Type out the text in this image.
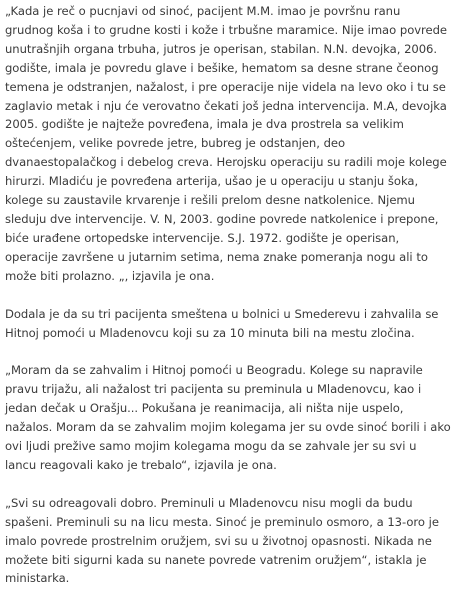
„Kada je reč o pucnjavi od sinoć, pacijent M.M. imao je površnu ranu grudnog koša i to grudne kosti i kože i trbušne maramice. Nije imao povrede unutrašnjih organa trbuha, jutros je operisan, stabilan. N.N. devojka, 2006. godište, imala je povredu glave i bešike, hematom sa desne strane čeonog temena je odstranjen, nažalost, i pre operacije nije videla na levo oko i tu se zaglavio metak i nju će verovatno čekati još jedna intervencija. M.A, devojka 2005. godište je najteže povređena, imala je dva prostrela sa velikim oštećenjem, velike povrede jetre, bubreg je odstanjen, deo dvanaestopalačkog i debelog creva. Herojsku operaciju su radili moje kolege hirurzi. Mladiću je povređena arterija, ušao je u operaciju u stanju šoka, kolege su zaustavile krvarenje i rešili prelom desne natkolenice. Njemu sleduju dve intervencije. V. N, 2003. godine povrede natkolenice i prepone, biće urađene ortopedske intervencije. S.J. 1972. godište je operisan, operacije završene u jutarnim setima, nema znake pomeranja nogu ali to može biti prolazno. „, izjavila je ona.

Dodala je da su tri pacijenta smeštena u bolnici u Smederevu i zahvalila se Hitnoj pomoći u Mladenovcu koji su za 10 minuta bili na mestu zločina.

„Moram da se zahvalim i Hitnoj pomoći u Beogradu. Kolege su napravile pravu trijažu, ali nažalost tri pacijenta su preminula u Mladenovcu, kao i jedan dečak u Orašju... Pokušana je reanimacija, ali ništa nije uspelo, nažalos. Moram da se zahvalim mojim kolegama jer su ovde sinoć borili i ako ovi ljudi prežive samo mojim kolegama mogu da se zahvale jer su svi u lancu reagovali kako je trebalo“, izjavila je ona.

„Svi su odreagovali dobro. Preminuli u Mladenovcu nisu mogli da budu spašeni. Preminuli su na licu mesta. Sinoć je preminulo osmoro, a 13-oro je imalo povrede prostrelnim oružjem, svi su u životnoj opasnosti. Nikada ne možete biti sigurni kada su nanete povrede vatrenim oružjem“, istakla je ministarka.
